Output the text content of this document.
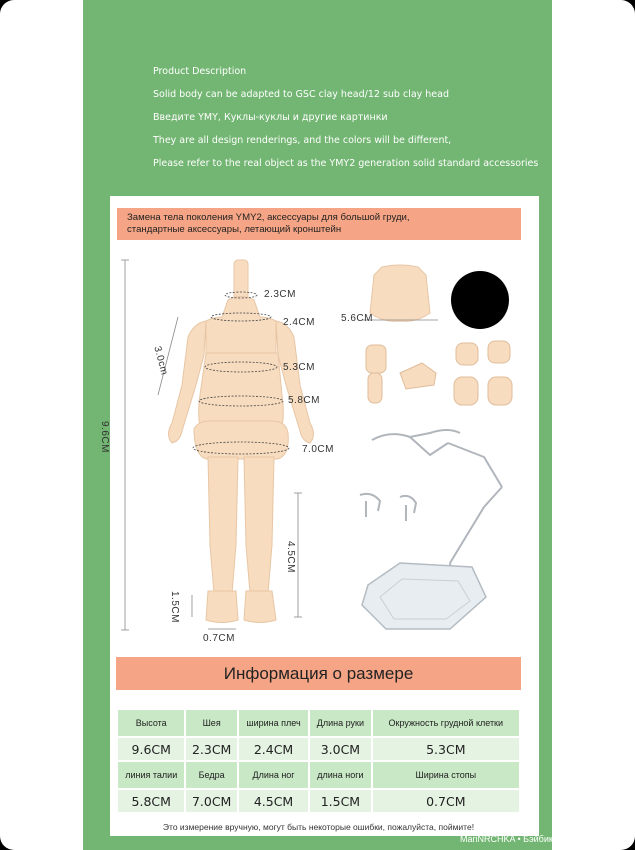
Product Description
Solid body can be adapted to GSC clay head/12 sub clay head
Введите YMY, Куклы-куклы и другие картинки
They are all design renderings, and the colors will be different,
Please refer to the real object as the YMY2 generation solid standard accessories
Замена тела поколения YMY2, аксессуары для большой груди,
стандартные аксессуары, летающий кронштейн
2.3CM
2.4CM
5.3CM
5.8CM
7.0CM
4.5CM
1.5CM
0.7CM
3.0cm
9.6CM
5.6CM
Информация о размере
Высота	Шея	ширина плеч	Длина руки	Окружность грудной клетки
9.6CM	2.3CM	2.4CM	3.0CM	5.3CM
линия талии	Бедра	Длина ног	длина ноги	Ширина стопы
5.8CM	7.0CM	4.5CM	1.5CM	0.7CM
Это измерение вручную, могут быть некоторые ошибки, пожалуйста, поймите!
MariNRCHKA • Бэйбики • babiki.ru
